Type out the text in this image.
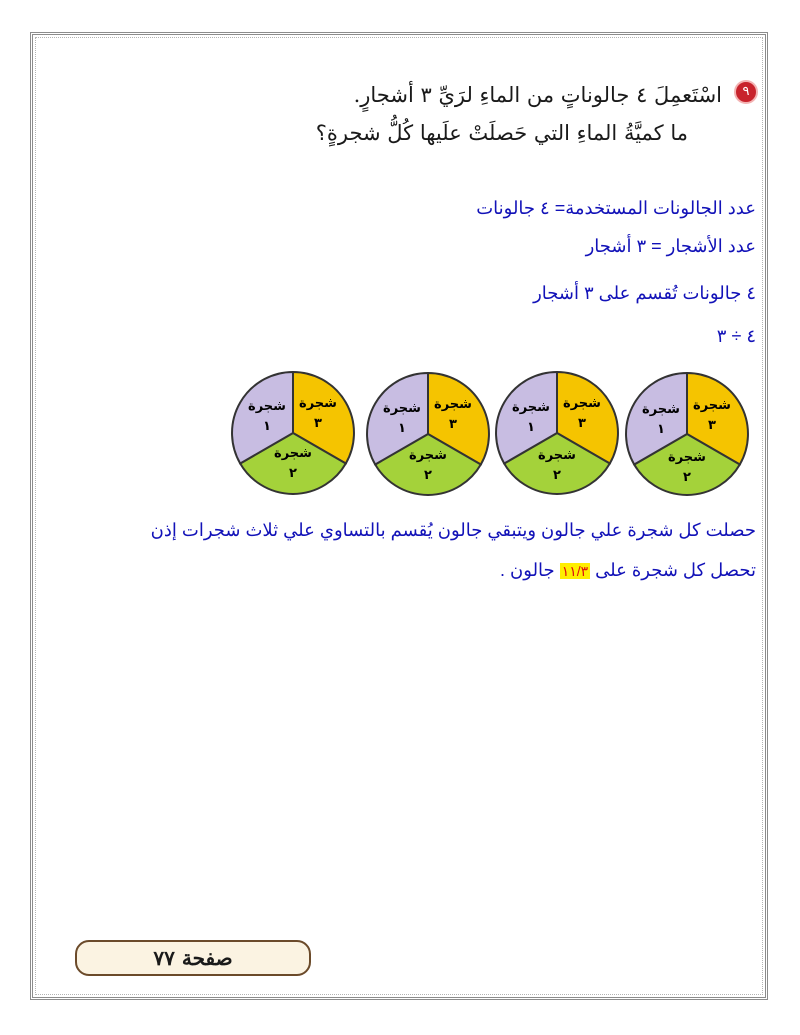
٩
اسْتَعمِلَ ٤ جالوناتٍ من الماءِ لرَيِّ ٣ أشجارٍ.
ما كميَّةُ الماءِ التي حَصلَتْ علَيها كُلُّ شجرةٍ؟
عدد الجالونات المستخدمة= ٤ جالونات
عدد الأشجار = ٣ أشجار
٤ جالونات تُقسم على ٣ أشجار
٤ ÷ ٣
شجرة
٣
شجرة
١
شجرة
٢
شجرة
٣
شجرة
١
شجرة
٢
شجرة
٣
شجرة
١
شجرة
٢
شجرة
٣
شجرة
١
شجرة
٢
حصلت كل شجرة علي جالون ويتبقي جالون يُقسم بالتساوي علي ثلاث شجرات إذن
تحصل كل شجرة على ١١/٣ جالون .
صفحة ٧٧
